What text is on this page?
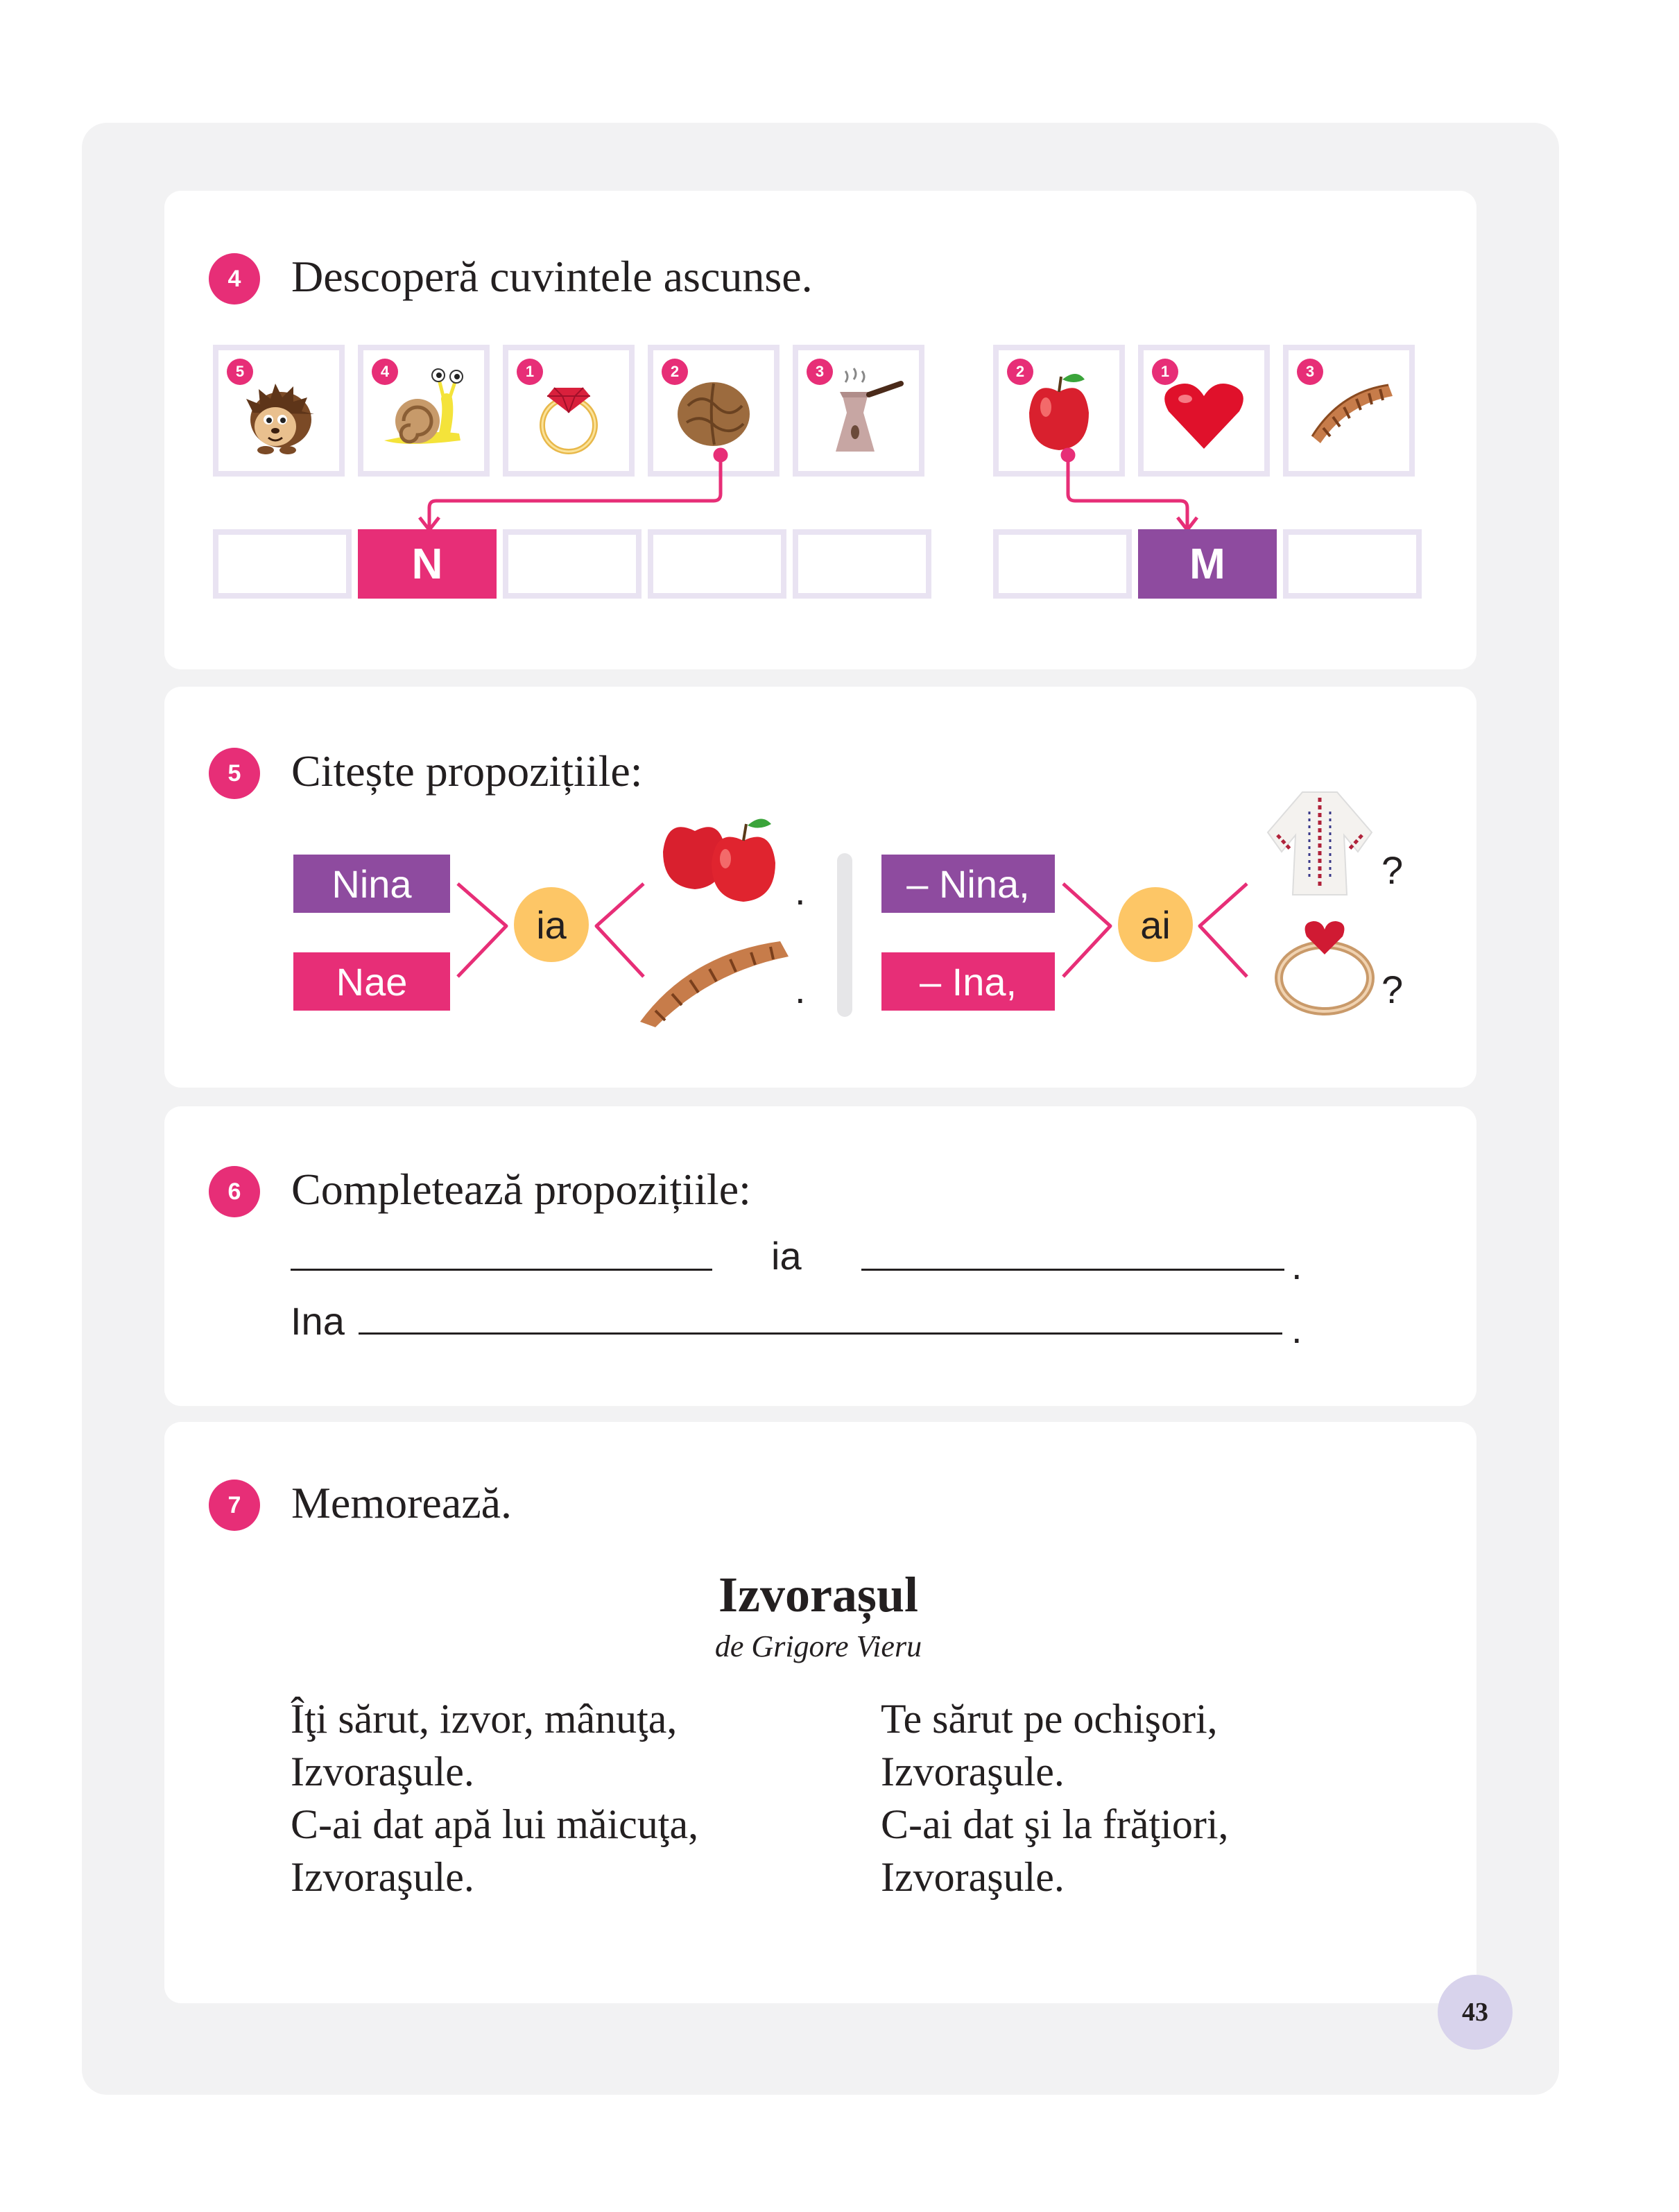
4	Descoperă cuvintele ascunse.
5	4	1	2	3	2	1	3
N	M
5	Citește propozițiile:
Nina
Nae
ia
– Nina,
– Ina,
ai
.
.
?
?
6	Completează propozițiile:
ia	.
Ina	.
7	Memorează.
Izvorașul
de Grigore Vieru
Îţi sărut, izvor, mânuţa,
Izvoraşule.
C-ai dat apă lui măicuţa,
Izvoraşule.
Te sărut pe ochişori,
Izvoraşule.
C-ai dat şi la frăţiori,
Izvoraşule.
43
